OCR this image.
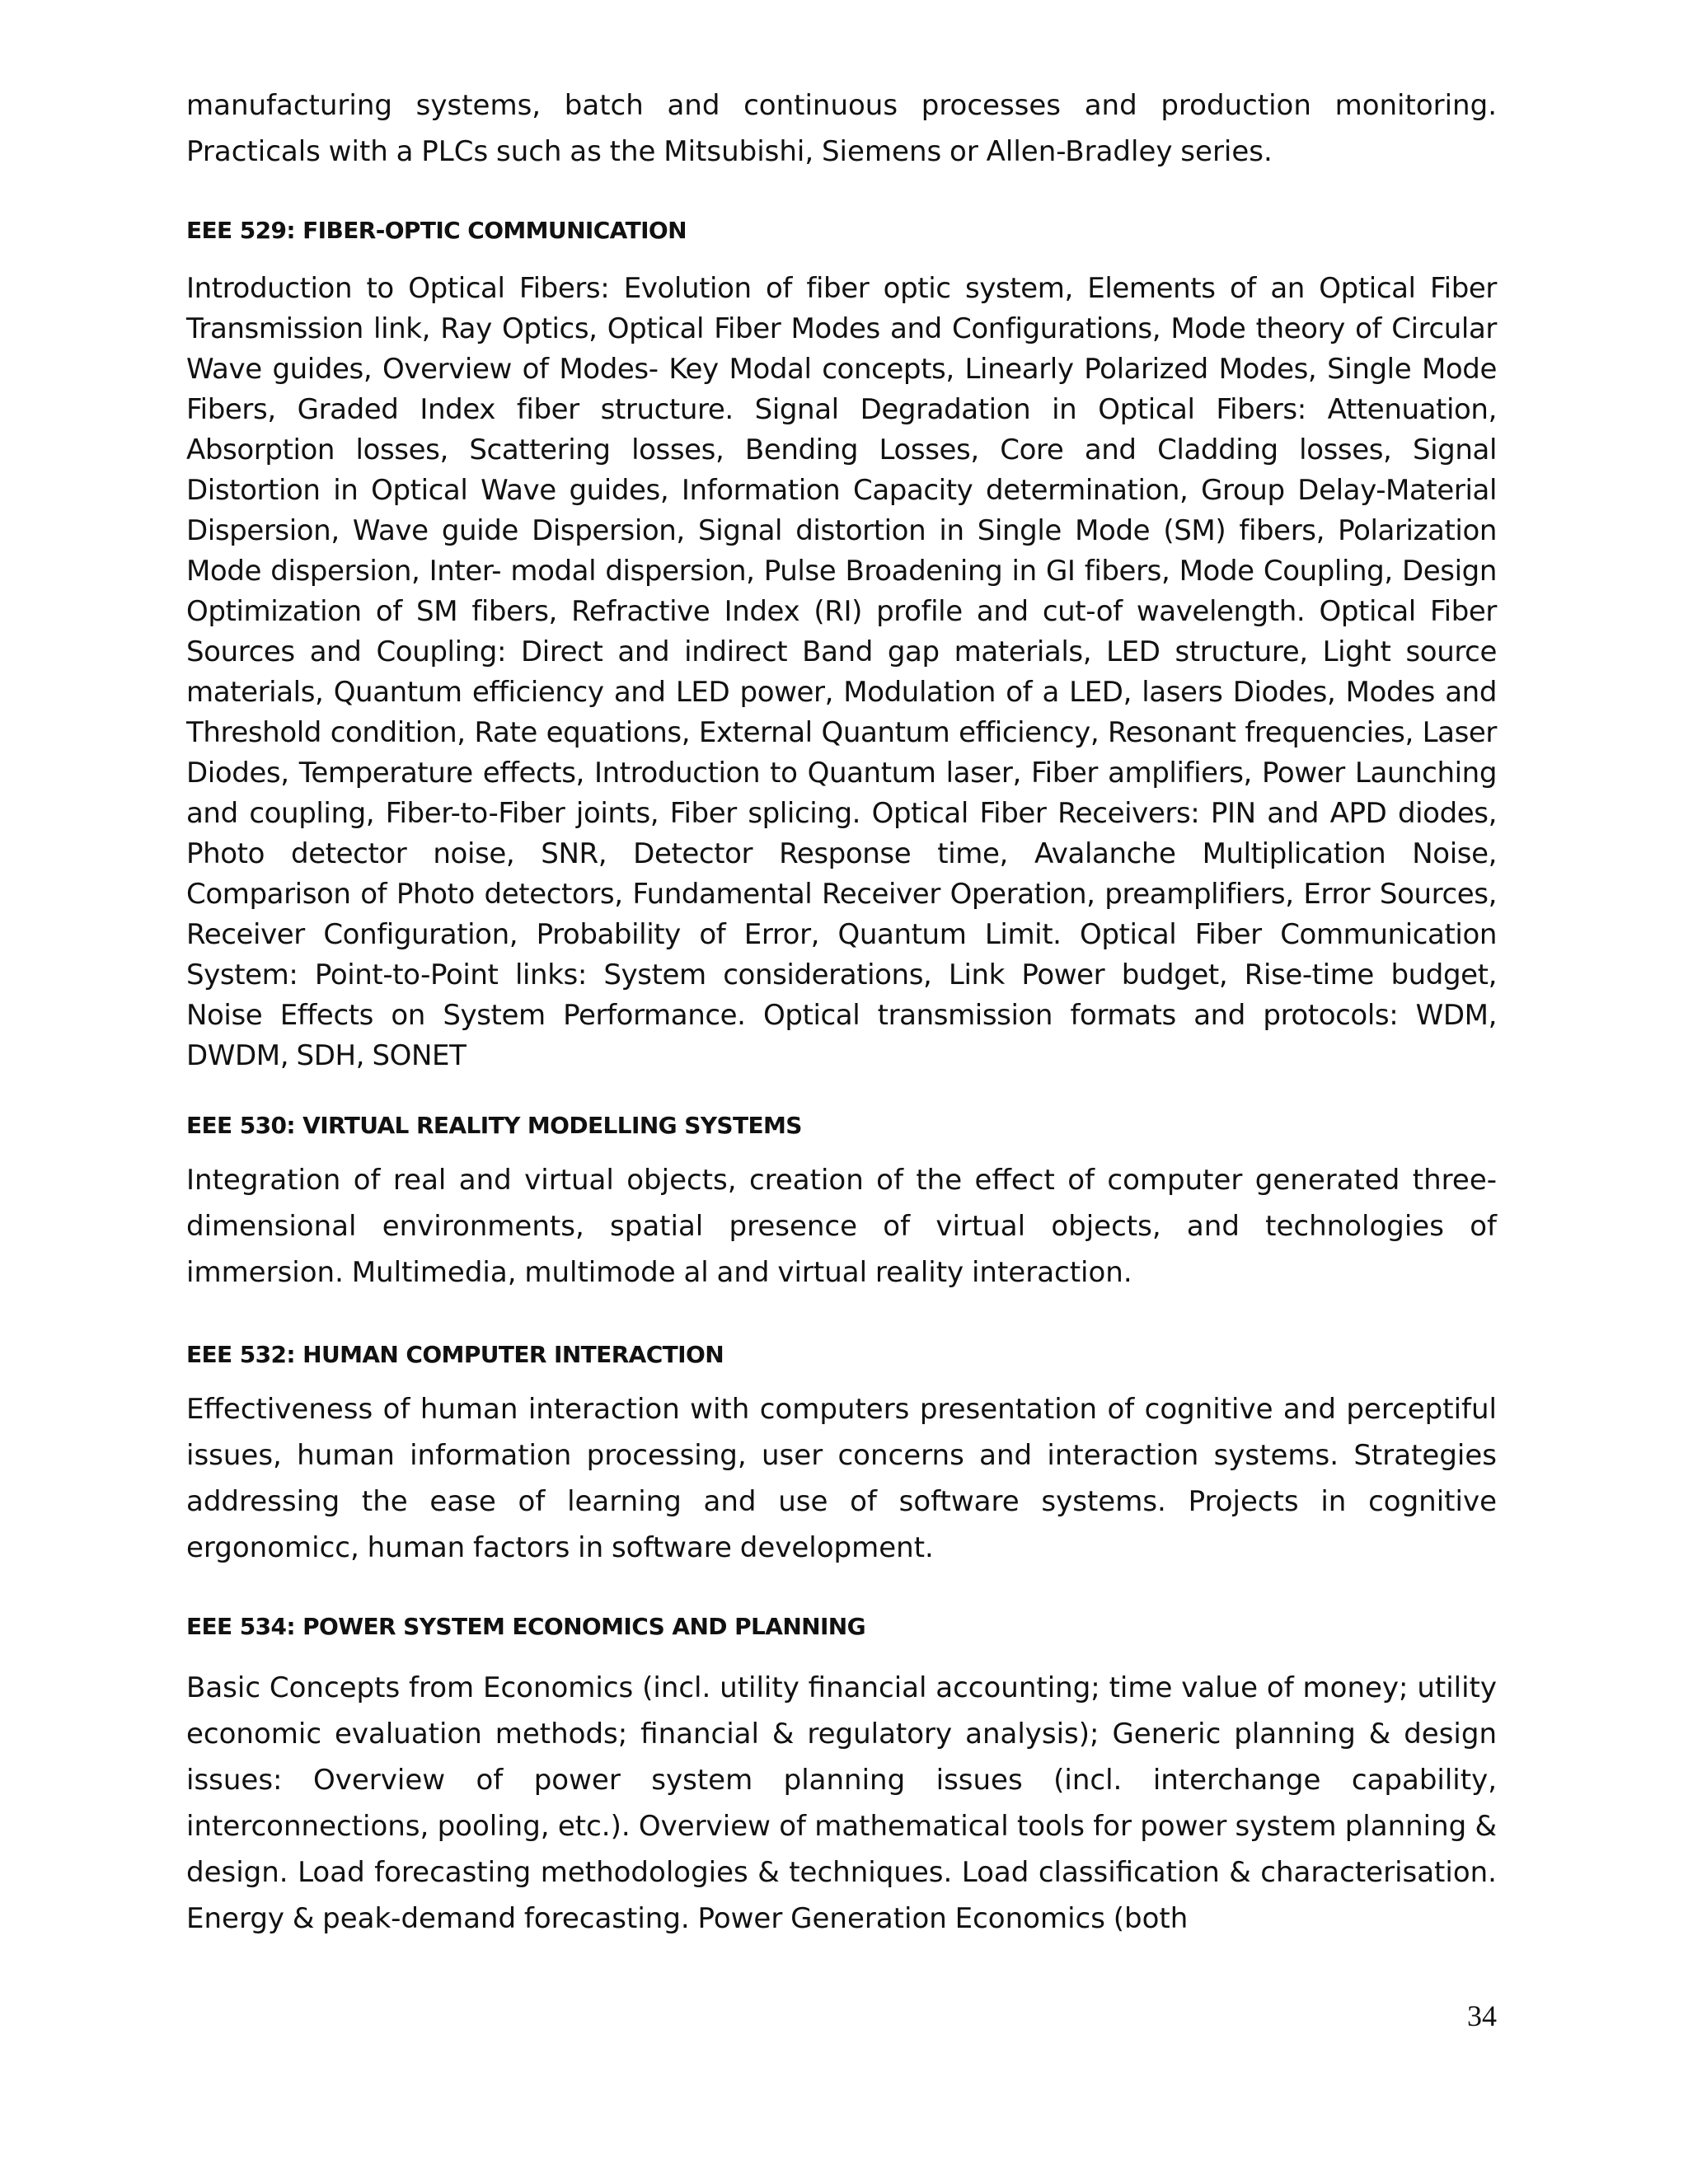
manufacturing systems, batch and continuous processes and production monitoring. Practicals with a PLCs such as the Mitsubishi, Siemens or Allen-Bradley series.

EEE 529: FIBER-OPTIC COMMUNICATION

Introduction to Optical Fibers: Evolution of fiber optic system, Elements of an Optical Fiber Transmission link, Ray Optics, Optical Fiber Modes and Configurations, Mode theory of Circular Wave guides, Overview of Modes- Key Modal concepts, Linearly Polarized Modes, Single Mode Fibers, Graded Index fiber structure. Signal Degradation in Optical Fibers: Attenuation, Absorption losses, Scattering losses, Bending Losses, Core and Cladding losses, Signal Distortion in Optical Wave guides, Information Capacity determination, Group Delay-Material Dispersion, Wave guide Dispersion, Signal distortion in Single Mode (SM) fibers, Polarization Mode dispersion, Inter- modal dispersion, Pulse Broadening in GI fibers, Mode Coupling, Design Optimization of SM fibers, Refractive Index (RI) profile and cut-of wavelength. Optical Fiber Sources and Coupling: Direct and indirect Band gap materials, LED structure, Light source materials, Quantum efficiency and LED power, Modulation of a LED, lasers Diodes, Modes and Threshold condition, Rate equations, External Quantum efficiency, Resonant frequencies, Laser Diodes, Temperature effects, Introduction to Quantum laser, Fiber amplifiers, Power Launching and coupling, Fiber-to-Fiber joints, Fiber splicing. Optical Fiber Receivers: PIN and APD diodes, Photo detector noise, SNR, Detector Response time, Avalanche Multiplication Noise, Comparison of Photo detectors, Fundamental Receiver Operation, preamplifiers, Error Sources, Receiver Configuration, Probability of Error, Quantum Limit. Optical Fiber Communication System: Point-to-Point links: System considerations, Link Power budget, Rise-time budget, Noise Effects on System Performance. Optical transmission formats and protocols: WDM, DWDM, SDH, SONET

EEE 530: VIRTUAL REALITY MODELLING SYSTEMS

Integration of real and virtual objects, creation of the effect of computer generated three-dimensional environments, spatial presence of virtual objects, and technologies of immersion. Multimedia, multimode al and virtual reality interaction.

EEE 532: HUMAN COMPUTER INTERACTION

Effectiveness of human interaction with computers presentation of cognitive and perceptiful issues, human information processing, user concerns and interaction systems. Strategies addressing the ease of learning and use of software systems. Projects in cognitive ergonomicc, human factors in software development.

EEE 534: POWER SYSTEM ECONOMICS AND PLANNING

Basic Concepts from Economics (incl. utility financial accounting; time value of money; utility economic evaluation methods; financial & regulatory analysis); Generic planning & design issues: Overview of power system planning issues (incl. interchange capability, interconnections, pooling, etc.). Overview of mathematical tools for power system planning & design. Load forecasting methodologies & techniques. Load classification & characterisation. Energy & peak-demand forecasting. Power Generation Economics (both

34
